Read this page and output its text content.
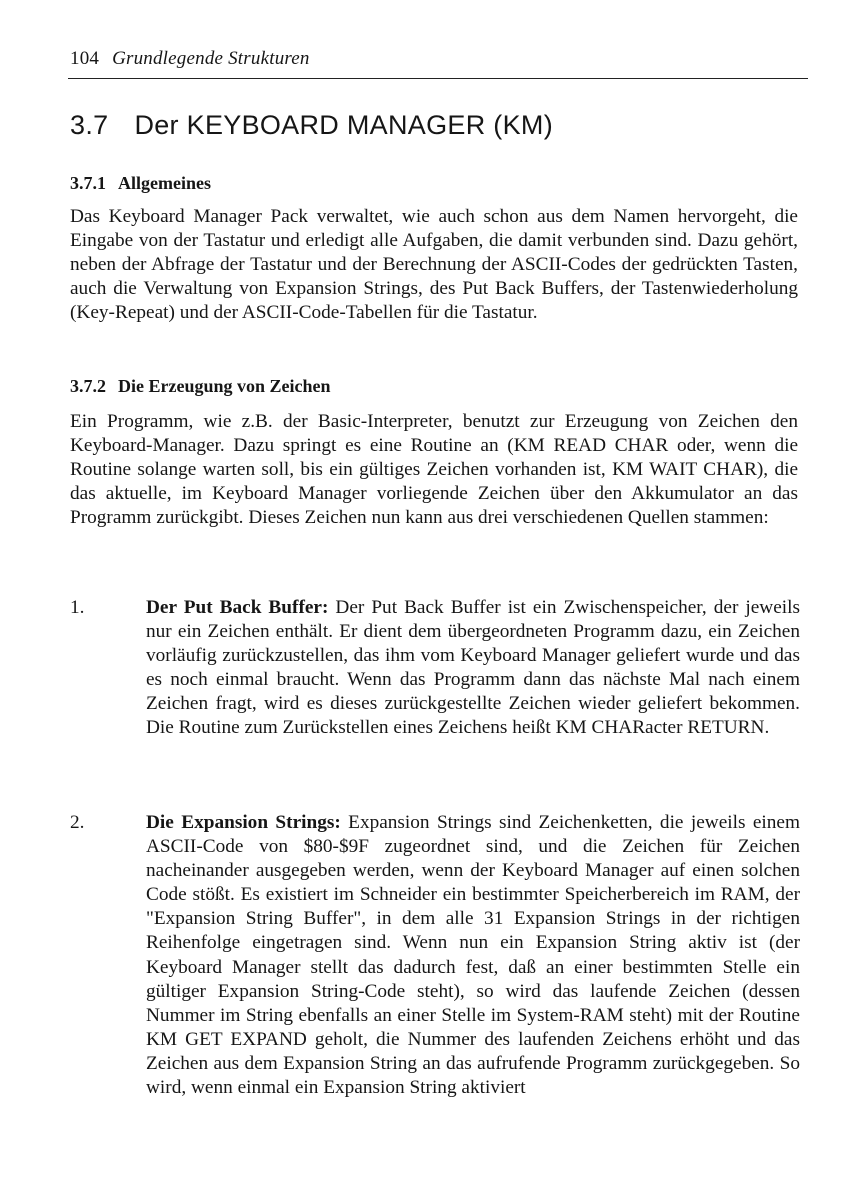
104 Grundlegende Strukturen
3.7 Der KEYBOARD MANAGER (KM)
3.7.1 Allgemeines

Das Keyboard Manager Pack verwaltet, wie auch schon aus dem Namen hervorgeht, die Eingabe von der Tastatur und erledigt alle Aufgaben, die damit verbunden sind. Dazu gehört, neben der Abfrage der Tastatur und der Berechnung der ASCII-Codes der gedrückten Tasten, auch die Verwaltung von Expansion Strings, des Put Back Buffers, der Tastenwiederholung (Key-Repeat) und der ASCII-Code-Tabellen für die Tastatur.

3.7.2 Die Erzeugung von Zeichen

Ein Programm, wie z.B. der Basic-Interpreter, benutzt zur Erzeugung von Zeichen den Keyboard-Manager. Dazu springt es eine Routine an (KM READ CHAR oder, wenn die Routine solange warten soll, bis ein gültiges Zeichen vorhanden ist, KM WAIT CHAR), die das aktuelle, im Keyboard Manager vorliegende Zeichen über den Akkumulator an das Programm zurückgibt. Dieses Zeichen nun kann aus drei verschiedenen Quellen stammen:

1.	Der Put Back Buffer: Der Put Back Buffer ist ein Zwischenspeicher, der jeweils nur ein Zeichen enthält. Er dient dem übergeordneten Programm dazu, ein Zeichen vorläufig zurückzustellen, das ihm vom Keyboard Manager geliefert wurde und das es noch einmal braucht. Wenn das Programm dann das nächste Mal nach einem Zeichen fragt, wird es dieses zurückgestellte Zeichen wieder geliefert bekommen. Die Routine zum Zurückstellen eines Zeichens heißt KM CHARacter RETURN.

2.	Die Expansion Strings: Expansion Strings sind Zeichenketten, die jeweils einem ASCII-Code von $80-$9F zugeordnet sind, und die Zeichen für Zeichen nacheinander ausgegeben werden, wenn der Keyboard Manager auf einen solchen Code stößt. Es existiert im Schneider ein bestimmter Speicherbereich im RAM, der "Expansion String Buffer", in dem alle 31 Expansion Strings in der richtigen Reihenfolge eingetragen sind. Wenn nun ein Expansion String aktiv ist (der Keyboard Manager stellt das dadurch fest, daß an einer bestimmten Stelle ein gültiger Expansion String-Code steht), so wird das laufende Zeichen (dessen Nummer im String ebenfalls an einer Stelle im System-RAM steht) mit der Routine KM GET EXPAND geholt, die Nummer des laufenden Zeichens erhöht und das Zeichen aus dem Expansion String an das aufrufende Programm zurückgegeben. So wird, wenn einmal ein Expansion String aktiviert
